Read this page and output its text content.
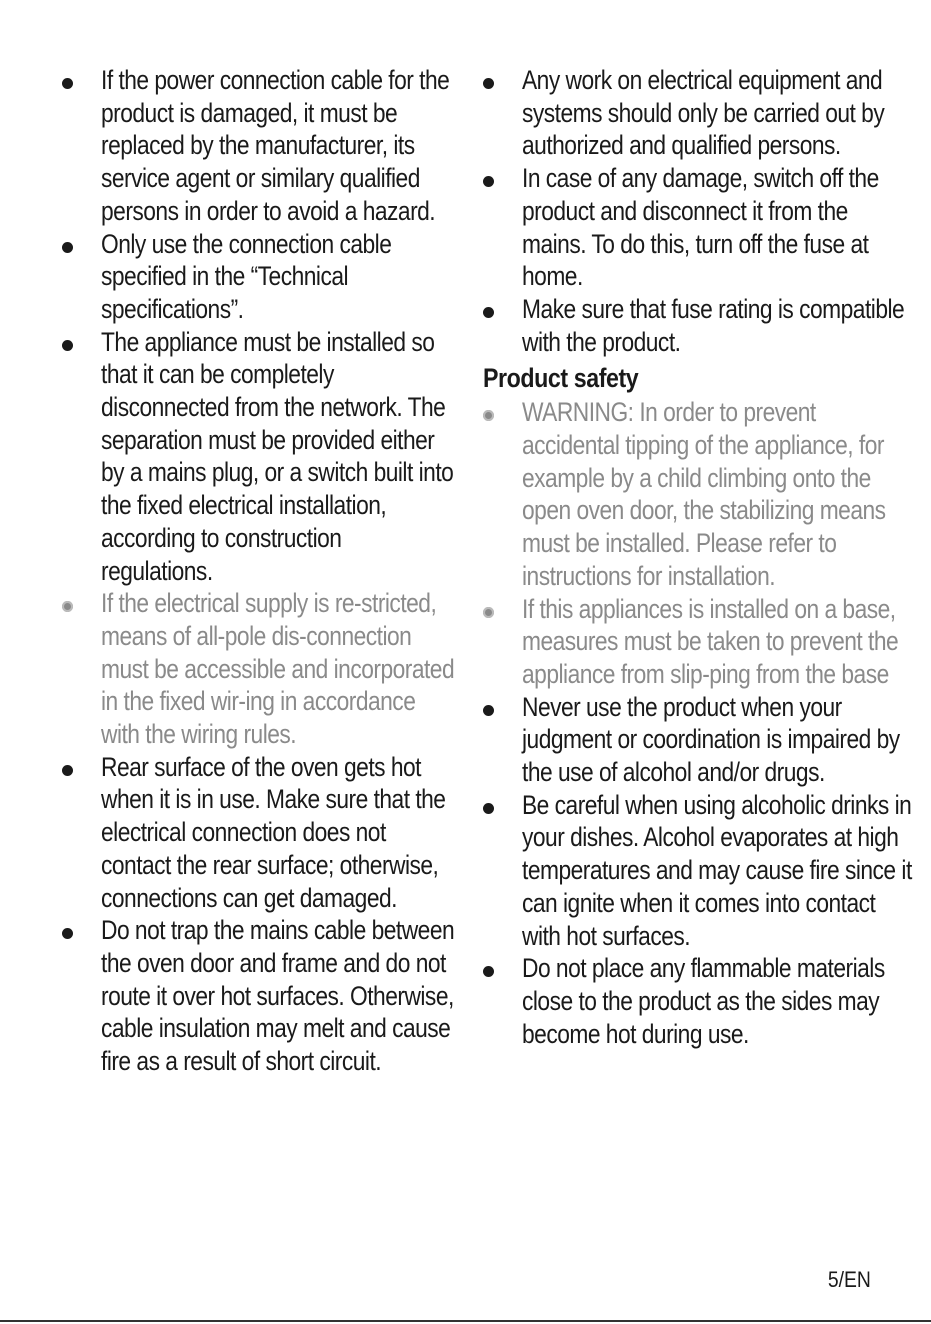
If the power connection cable for the product is damaged, it must be replaced by the manufacturer, its service agent or similary qualified persons in order to avoid a hazard.
Only use the connection cable specified in the “Technical specifications”.
The appliance must be installed so that it can be completely disconnected from the network. The separation must be provided either by a mains plug, or a switch built into the fixed electrical installation, according to construction regulations.
If the electrical supply is re-stricted, means of all-pole dis-connection must be accessible and incorporated in the fixed wir-ing in accordance with the wiring rules.
Rear surface of the oven gets hot when it is in use. Make sure that the electrical connection does not contact the rear surface; otherwise, connections can get damaged.
Do not trap the mains cable between the oven door and frame and do not route it over hot surfaces. Otherwise, cable insulation may melt and cause fire as a result of short circuit.
Any work on electrical equipment and systems should only be carried out by authorized and qualified persons.
In case of any damage, switch off the product and disconnect it from the mains. To do this, turn off the fuse at home.
Make sure that fuse rating is compatible with the product.
Product safety
WARNING: In order to prevent accidental tipping of the appliance, for example by a child climbing onto the open oven door, the stabilizing means must be installed. Please refer to instructions for installation.
If this appliances is installed on a base, measures must be taken to prevent the appliance from slip-ping from the base
Never use the product when your judgment or coordination is impaired by the use of alcohol and/or drugs.
Be careful when using alcoholic drinks in your dishes. Alcohol evaporates at high temperatures and may cause fire since it can ignite when it comes into contact with hot surfaces.
Do not place any flammable materials close to the product as the sides may become hot during use.
5/EN
